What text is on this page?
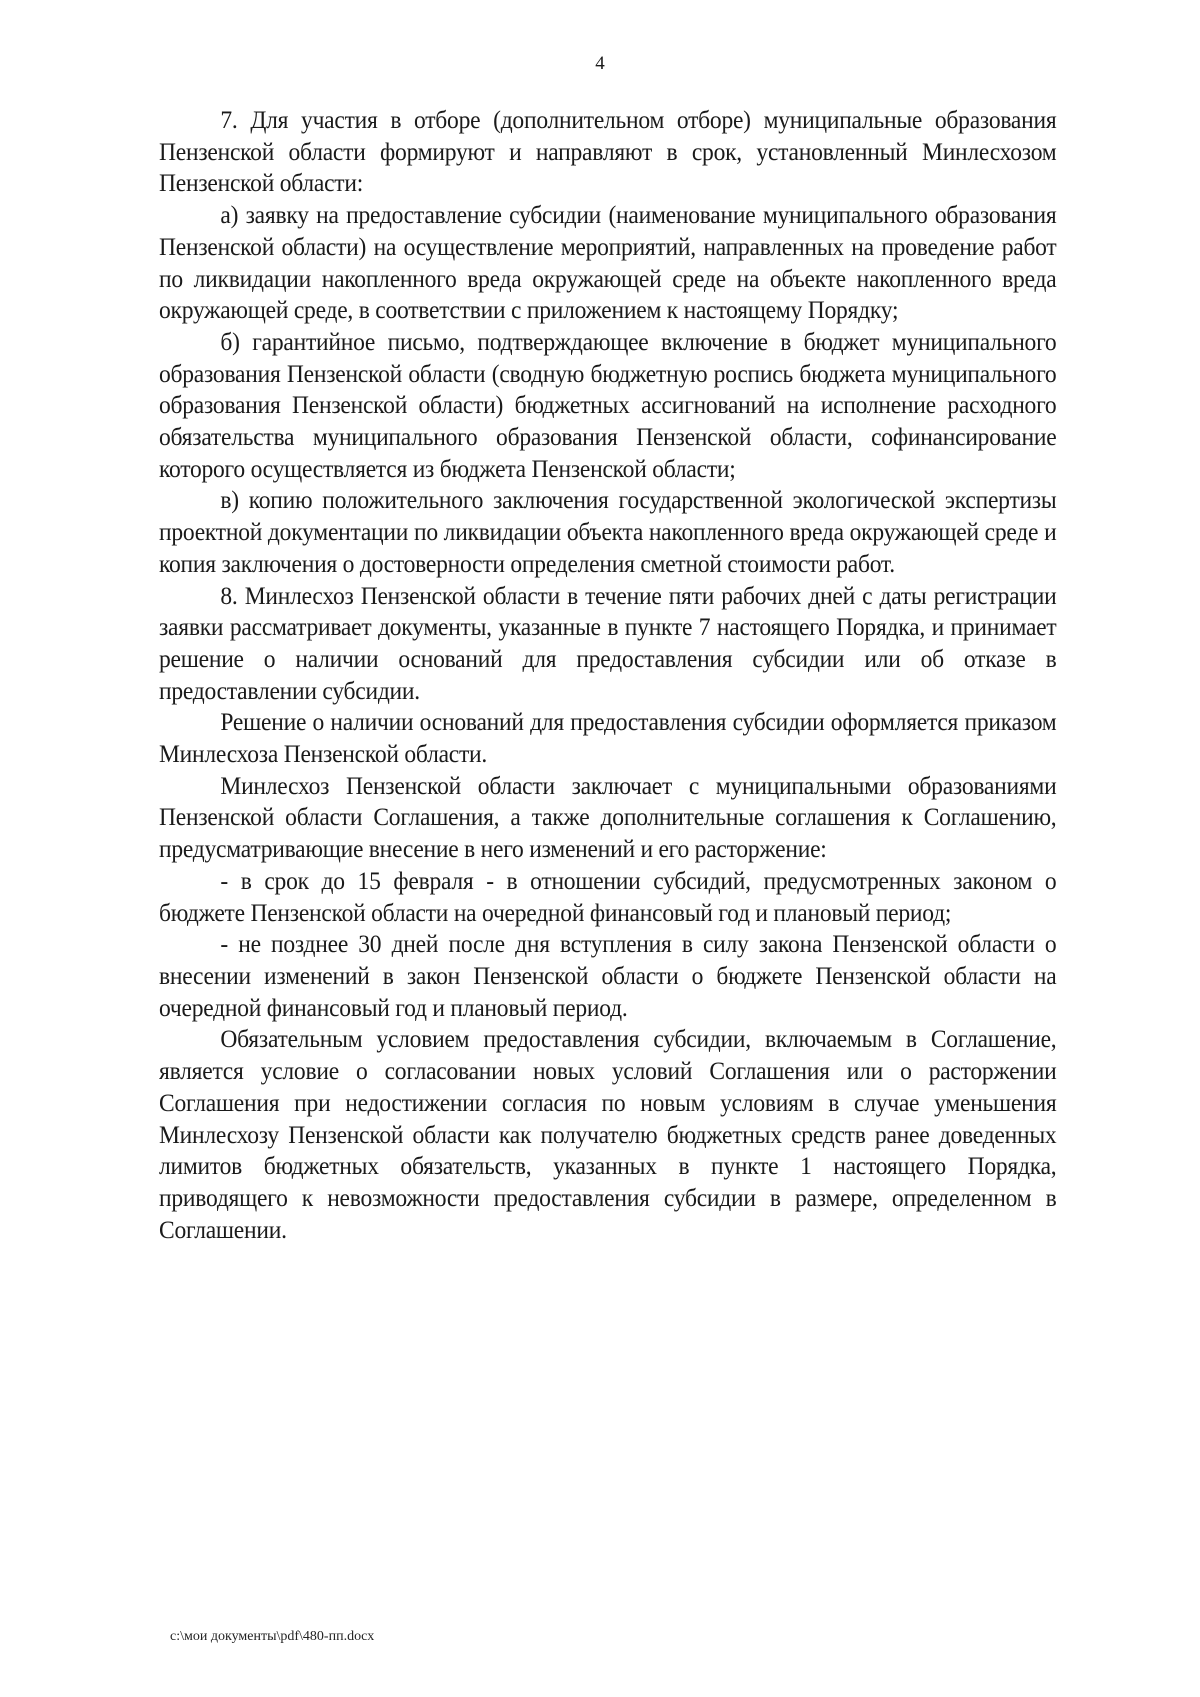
4

7. Для участия в отборе (дополнительном отборе) муниципальные образования Пензенской области формируют и направляют в срок, установленный Минлесхозом Пензенской области:

а) заявку на предоставление субсидии (наименование муниципального образования Пензенской области) на осуществление мероприятий, направленных на проведение работ по ликвидации накопленного вреда окружающей среде на объекте накопленного вреда окружающей среде, в соответствии с приложением к настоящему Порядку;

б) гарантийное письмо, подтверждающее включение в бюджет муниципального образования Пензенской области (сводную бюджетную роспись бюджета муниципального образования Пензенской области) бюджетных ассигнований на исполнение расходного обязательства муниципального образования Пензенской области, софинансирование которого осуществляется из бюджета Пензенской области;

в) копию положительного заключения государственной экологической экспертизы проектной документации по ликвидации объекта накопленного вреда окружающей среде и копия заключения о достоверности определения сметной стоимости работ.

8. Минлесхоз Пензенской области в течение пяти рабочих дней с даты регистрации заявки рассматривает документы, указанные в пункте 7 настоящего Порядка, и принимает решение о наличии оснований для предоставления субсидии или об отказе в предоставлении субсидии.

Решение о наличии оснований для предоставления субсидии оформляется приказом Минлесхоза Пензенской области.

Минлесхоз Пензенской области заключает с муниципальными образованиями Пензенской области Соглашения, а также дополнительные соглашения к Соглашению, предусматривающие внесение в него изменений и его расторжение:

- в срок до 15 февраля - в отношении субсидий, предусмотренных законом о бюджете Пензенской области на очередной финансовый год и плановый период;

- не позднее 30 дней после дня вступления в силу закона Пензенской области о внесении изменений в закон Пензенской области о бюджете Пензенской области на очередной финансовый год и плановый период.

Обязательным условием предоставления субсидии, включаемым в Соглашение, является условие о согласовании новых условий Соглашения или о расторжении Соглашения при недостижении согласия по новым условиям в случае уменьшения Минлесхозу Пензенской области как получателю бюджетных средств ранее доведенных лимитов бюджетных обязательств, указанных в пункте 1 настоящего Порядка, приводящего к невозможности предоставления субсидии в размере, определенном в Соглашении.

c:\мои документы\pdf\480-пп.docx
